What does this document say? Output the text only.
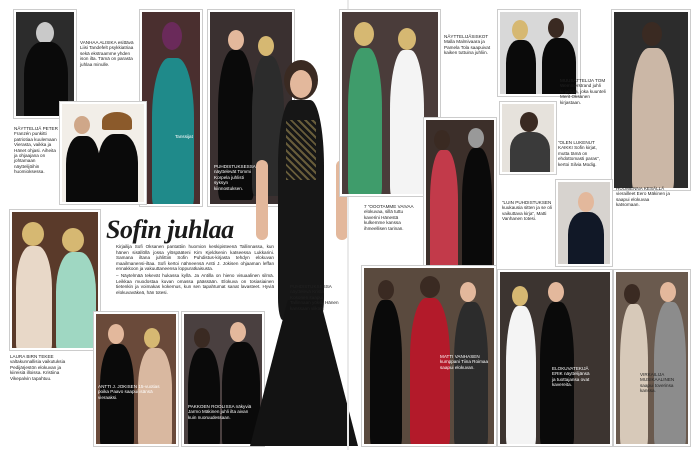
VANHAA ALISIKA esittävä Liisi Tandefelt psykkiatriaa sekä ekstraamme yhden ison ilta. Tämä on parasta juhlaa minulle.
Tanssijat
PUHDISTUKSESSA näyttelevät Tommi Korpela juhlisti syksyn kiinnostuksen.
NÄYTTELIJÄ PETER Franzén punkitti patriotiaa kuulemaan Vierasta, vaikka ja Hänet ohjasi. Aiheita ja ohjaajana on johtamaan näyttelijöihin huomioksessa.
Sofin juhlaa

Kirjailija Sofi Oksanen pantattiin huomion keskipisteenä Tallinnassa, kun hänen sisällöllä jossa ylöspääteni Kim Kjeldsenin katseessa Lukkarini. Samana iltana juhlittiin Sofin Puhdistus-kirjasta tehdyn elokuvan maailmanensi-iltaa. Sofi kertoi nähneensä Antti J. Jokisen ohjaaman leffan ennakkoon ja vakuuttaneensa loppuratkaisusta.

– Näytelmää tekevät hukassa kyllä. Ja Antilla on hieno visuaalinen silmä. Leikkaa muodostaa kuvan omassa päässään. Elokuva on tosiasiainen tietenkin ja voimakas kokemus, kun sen tapahtumat sanat lavasteet. Hyviä elokuvaväkeä, hän totesi.

LAURA BIRN TEKEE valtakunnallisia vaikutuksia Pedijärjestön elokuvan ja kiireisiä illoissa. Kristiina Vikepalvin tapahtuu.
ANTTI J. JOKISEN 15-vuotias poika Paavo saapui isänsä vieraaksi.
PAKKOEN ROOLISSA näkyviä Jarmo Mäkinen juhli ilta aivan kuin nuoruudessaan.
PUHDISTUKSESSA näyttelevä Krista Kosonen saapui Tallinnaan yöksi. Hänen kanssaan viikon.
NÄYTTELIJÄSISKOT Malla Malmivaara ja Pamela Tola saapuivat kaiken tuttuina juhliin.
7 ”OOOTAMME VAIVAA elokuvaa, sillä tuttu kaverini Hänestä kulkemme kanssa ihmeellisen tarinan.
MUUSATTELIJA TOM Wemmerstrand juhli kirjailijaa, joka kuunteli Merit Oksanen kirjastaan.
”OLEN LUKENUT KAIKKI Sofin kirjat, mutta tämä on ehdottomasti paras”, kertoi Silvia Modig.
HUOMENNA KESÄLLÄ vierailleet Eero Mäkinen ja saapui elokuvaa katsomaan.
”LUIN PUHDISTUKSEN kuukausia sitten ja se oli vaikuttava kirja”, Matti Vanhanen totesi.
MATTI VANHASEN kumppani Tiina Roimaa saapui elokuvan.	ELOKUVATEKIJÄ ERIK näyttelijänsä ja tuottajansa ovat kavereita.
VIRKAILIJA MUSIKAALINEN saapui toverinsa kanssa.
